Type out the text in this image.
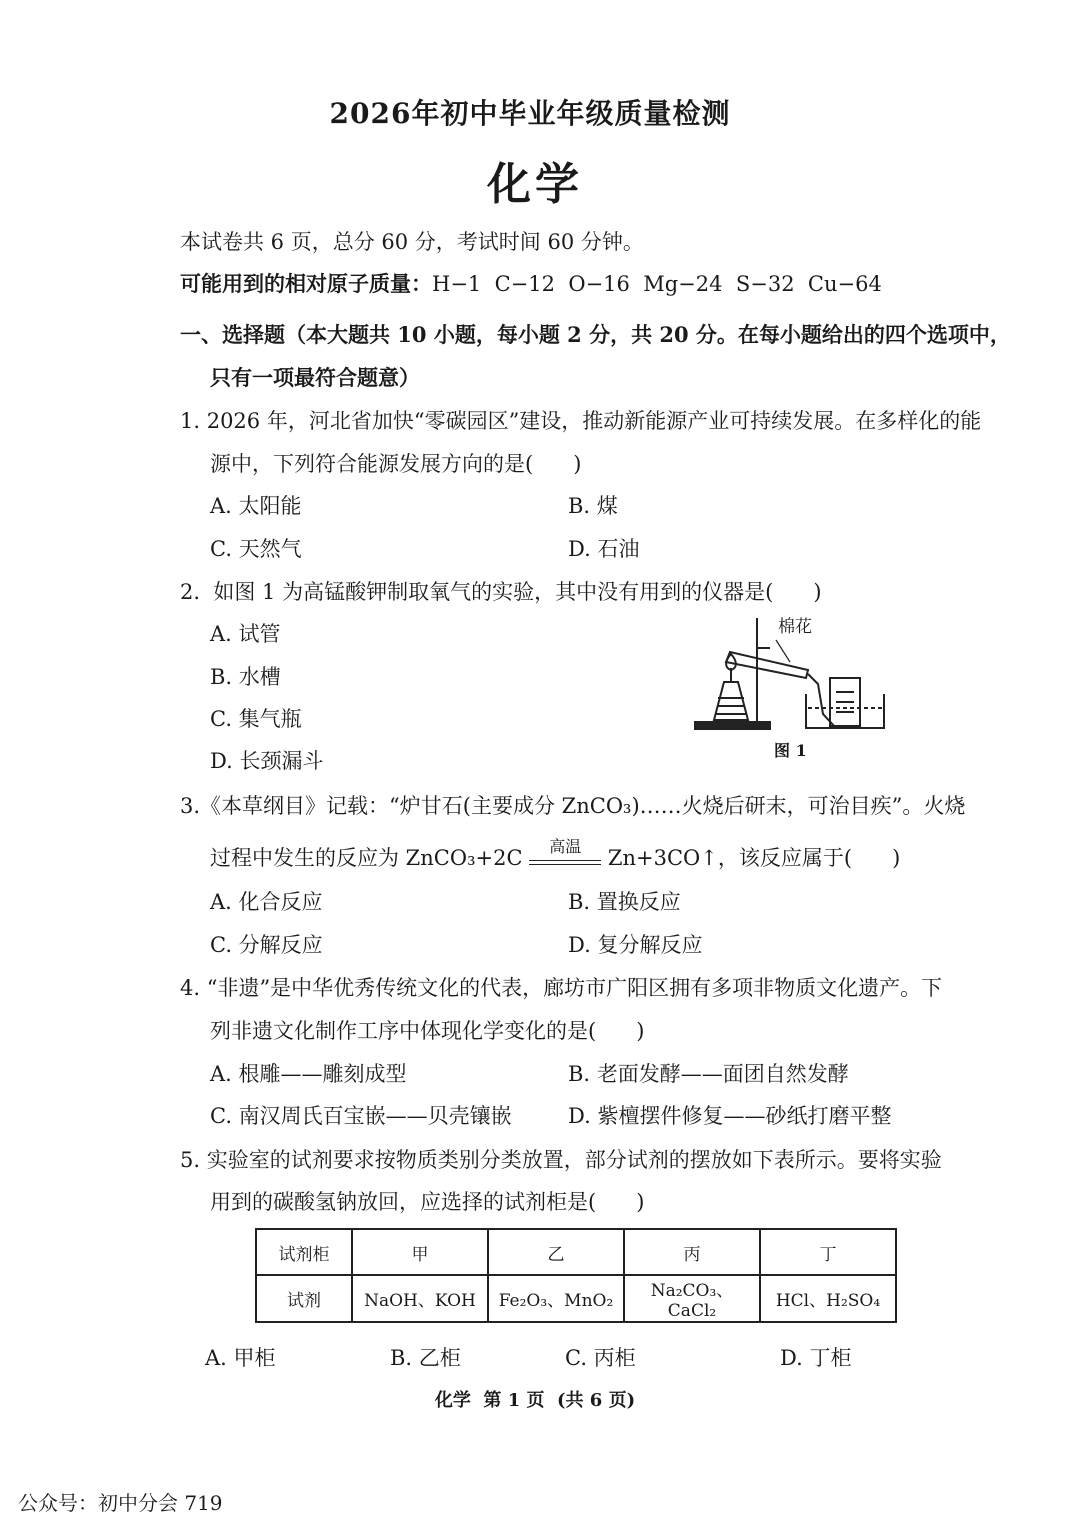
2026年初中毕业年级质量检测
化学
本试卷共 6 页，总分 60 分，考试时间 60 分钟。
可能用到的相对原子质量：H−1  C−12  O−16  Mg−24  S−32  Cu−64
一、选择题（本大题共 10 小题，每小题 2 分，共 20 分。在每小题给出的四个选项中，
只有一项最符合题意）
1. 2026 年，河北省加快“零碳园区”建设，推动新能源产业可持续发展。在多样化的能
源中，下列符合能源发展方向的是(      )
A. 太阳能	B. 煤
C. 天然气	D. 石油
2.  如图 1 为高锰酸钾制取氧气的实验，其中没有用到的仪器是(      )
A. 试管
B. 水槽
C. 集气瓶
D. 长颈漏斗
棉花
图 1
3.《本草纲目》记载：“炉甘石(主要成分 ZnCO₃)……火烧后研末，可治目疾”。火烧
过程中发生的反应为 ZnCO₃+2C	高温	Zn+3CO↑，该反应属于(      )
A. 化合反应	B. 置换反应
C. 分解反应	D. 复分解反应
4. “非遗”是中华优秀传统文化的代表，廊坊市广阳区拥有多项非物质文化遗产。下
列非遗文化制作工序中体现化学变化的是(      )
A. 根雕——雕刻成型	B. 老面发酵——面团自然发酵
C. 南汉周氏百宝嵌——贝壳镶嵌	D. 紫檀摆件修复——砂纸打磨平整
5. 实验室的试剂要求按物质类别分类放置，部分试剂的摆放如下表所示。要将实验
用到的碳酸氢钠放回，应选择的试剂柜是(      )
试剂柜	甲	乙	丙	丁
试剂	NaOH、KOH	Fe₂O₃、MnO₂	Na₂CO₃、CaCl₂	HCl、H₂SO₄
A. 甲柜	B. 乙柜	C. 丙柜	D. 丁柜
化学  第 1 页  (共 6 页)
公众号：初中分会 719
